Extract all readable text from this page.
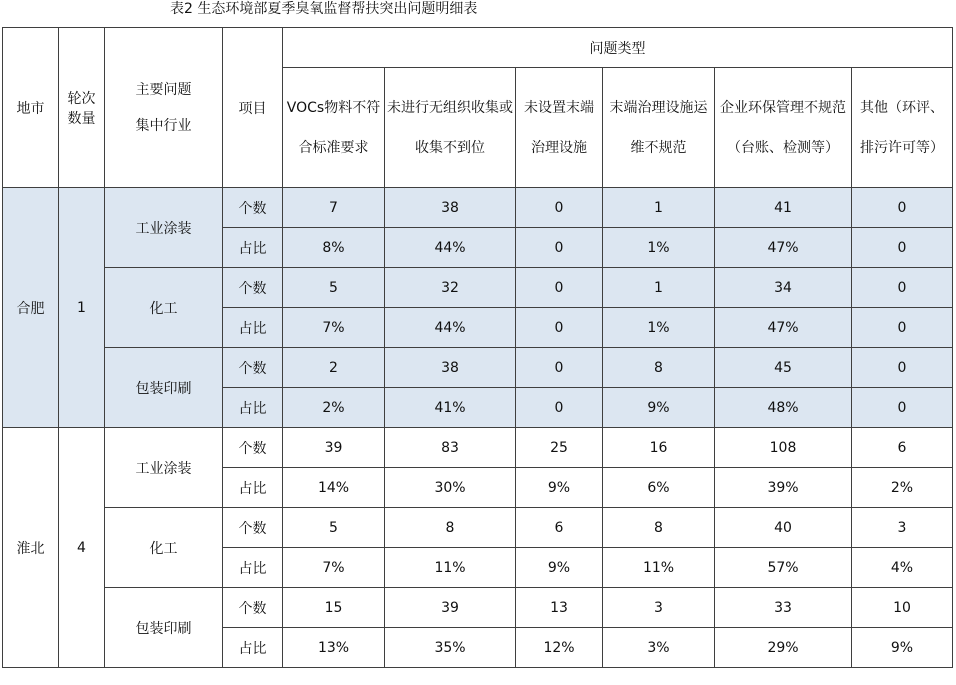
表2 生态环境部夏季臭氧监督帮扶突出问题明细表
地市	轮次数量	主要问题集中行业	项目	问题类型					

				VOCs物料不符合标准要求	未进行无组织收集或收集不到位	未设置末端治理设施	末端治理设施运维不规范	企业环保管理不规范（台账、检测等）	其他（环评、排污许可等）

合肥	1	工业涂装	个数	7	38	0	1	41	0
			占比	8%	44%	0	1%	47%	0
		化工	个数	5	32	0	1	34	0
			占比	7%	44%	0	1%	47%	0
		包装印刷	个数	2	38	0	8	45	0
			占比	2%	41%	0	9%	48%	0
淮北	4	工业涂装	个数	39	83	25	16	108	6
			占比	14%	30%	9%	6%	39%	2%
		化工	个数	5	8	6	8	40	3
			占比	7%	11%	9%	11%	57%	4%
		包装印刷	个数	15	39	13	3	33	10
			占比	13%	35%	12%	3%	29%	9%
